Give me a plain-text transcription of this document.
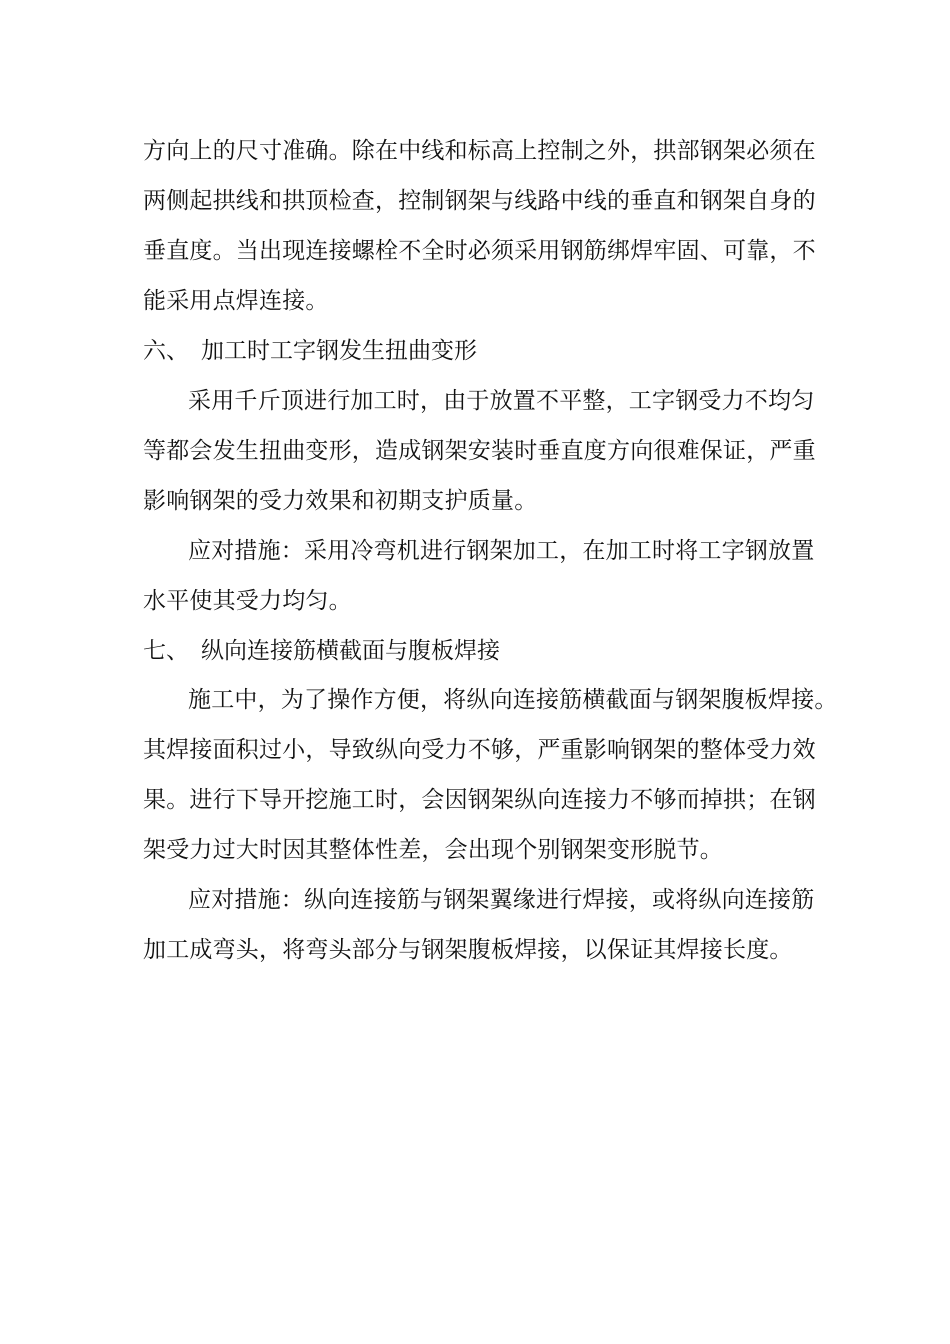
方向上的尺寸准确。除在中线和标高上控制之外，拱部钢架必须在
两侧起拱线和拱顶检查，控制钢架与线路中线的垂直和钢架自身的
垂直度。当出现连接螺栓不全时必须采用钢筋绑焊牢固、可靠，不
能采用点焊连接。
六、 加工时工字钢发生扭曲变形
采用千斤顶进行加工时，由于放置不平整，工字钢受力不均匀
等都会发生扭曲变形，造成钢架安装时垂直度方向很难保证，严重
影响钢架的受力效果和初期支护质量。
应对措施：采用冷弯机进行钢架加工，在加工时将工字钢放置
水平使其受力均匀。
七、 纵向连接筋横截面与腹板焊接
施工中，为了操作方便，将纵向连接筋横截面与钢架腹板焊接。
其焊接面积过小，导致纵向受力不够，严重影响钢架的整体受力效
果。进行下导开挖施工时，会因钢架纵向连接力不够而掉拱；在钢
架受力过大时因其整体性差，会出现个别钢架变形脱节。
应对措施：纵向连接筋与钢架翼缘进行焊接，或将纵向连接筋
加工成弯头，将弯头部分与钢架腹板焊接，以保证其焊接长度。
